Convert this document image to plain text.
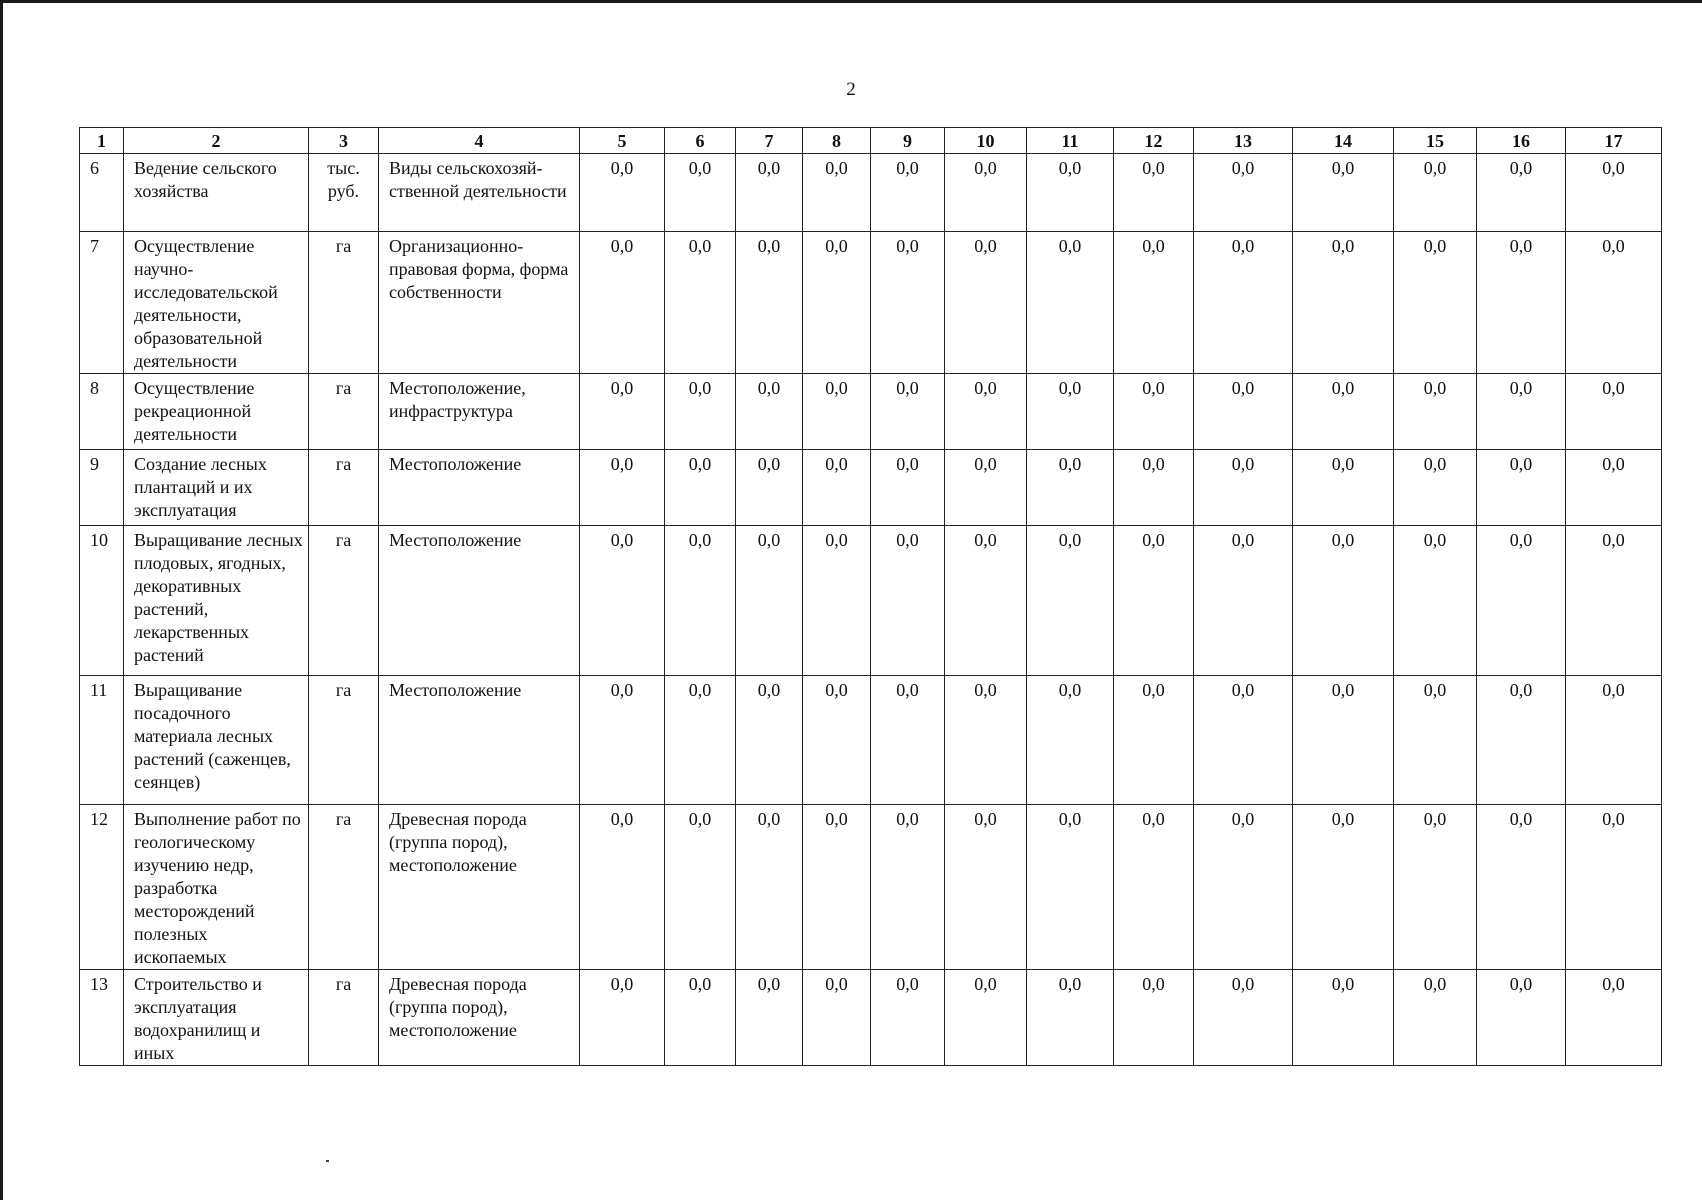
2
1	2	3	4	5	6	7	8	9	10	11	12	13	14	15	16	17
6	Ведение сельского хозяйства	тыс. руб.	Виды сельскохозяй-ственной деятельности	0,0	0,0	0,0	0,0	0,0	0,0	0,0	0,0	0,0	0,0	0,0	0,0	0,0
7	Осуществление научно-исследовательской деятельности, образовательной деятельности	га	Организационно-правовая форма, форма собственности	0,0	0,0	0,0	0,0	0,0	0,0	0,0	0,0	0,0	0,0	0,0	0,0	0,0
8	Осуществление рекреационной деятельности	га	Местоположение, инфраструктура	0,0	0,0	0,0	0,0	0,0	0,0	0,0	0,0	0,0	0,0	0,0	0,0	0,0
9	Создание лесных плантаций и их эксплуатация	га	Местоположение	0,0	0,0	0,0	0,0	0,0	0,0	0,0	0,0	0,0	0,0	0,0	0,0	0,0
10	Выращивание лесных плодовых, ягодных, декоративных растений, лекарственных растений	га	Местоположение	0,0	0,0	0,0	0,0	0,0	0,0	0,0	0,0	0,0	0,0	0,0	0,0	0,0
11	Выращивание посадочного материала лесных растений (саженцев, сеянцев)	га	Местоположение	0,0	0,0	0,0	0,0	0,0	0,0	0,0	0,0	0,0	0,0	0,0	0,0	0,0
12	Выполнение работ по геологическому изучению недр, разработка месторождений полезных ископаемых	га	Древесная порода (группа пород), местоположение	0,0	0,0	0,0	0,0	0,0	0,0	0,0	0,0	0,0	0,0	0,0	0,0	0,0
13	Строительство и эксплуатация водохранилищ и иных	га	Древесная порода (группа пород), местоположение	0,0	0,0	0,0	0,0	0,0	0,0	0,0	0,0	0,0	0,0	0,0	0,0	0,0
